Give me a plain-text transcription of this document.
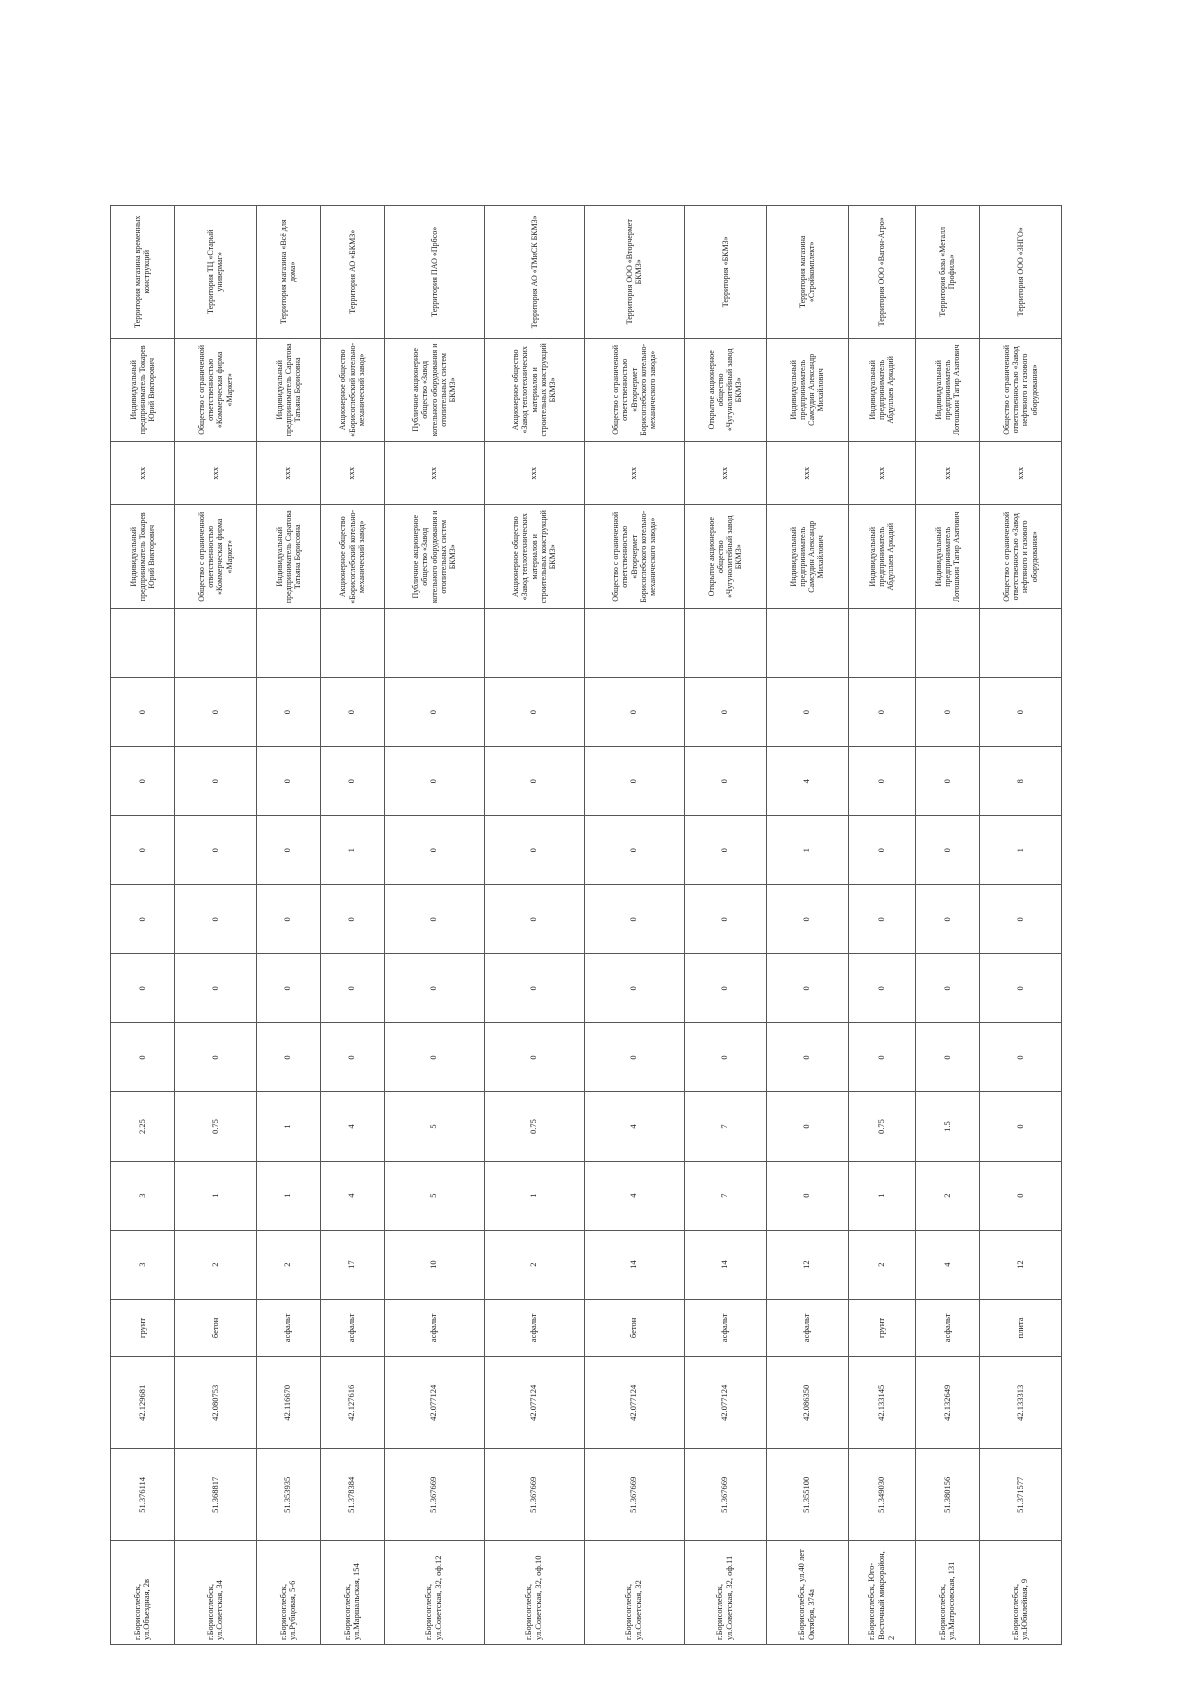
г.Борисоглебск, ул.Объездная, 2в	51.376114	42.129681	грунт	3	3	2.25	0	0	0	0	0	0		Индивидуальный предприниматель Токарев Юрий Викторович	xxx	Индивидуальный предприниматель Токарев Юрий Викторович	Территория магазина временных конструкций
г.Борисоглебск, ул.Советская, 34	51.368817	42.080753	бетон	2	1	0.75	0	0	0	0	0	0		Общество с ограниченной ответственностью «Коммерческая фирма «Маркет»	xxx	Общество с ограниченной ответственностью «Коммерческая фирма «Маркет»	Территория ТЦ «Старый универмаг»
г.Борисоглебск, ул.Рубцовая, 5-6	51.353935	42.116670	асфальт	2	1	1	0	0	0	0	0	0		Индивидуальный предприниматель Саратова Татьяна Борисовна	xxx	Индивидуальный предприниматель Саратова Татьяна Борисовна	Территория магазина «Всё для дома»
г.Борисоглебск, ул.Маршальская, 154	51.378384	42.127616	асфальт	17	4	4	0	0	0	1	0	0		Акционерное общество «Борисоглебский котельно-механический завод»	xxx	Акционерное общество «Борисоглебский котельно-механический завод»	Территория АО «БКМЗ»
г.Борисоглебск, ул.Советская, 32, оф.12	51.367669	42.077124	асфальт	10	5	5	0	0	0	0	0	0		Публичное акционерное общество «Завод котельного оборудования и отопительных систем БКМЗ»	xxx	Публичное акционерное общество «Завод котельного оборудования и отопительных систем БКМЗ»	Территория ПАО «Прбсо»
г.Борисоглебск, ул.Советская, 32, оф.10	51.367669	42.077124	асфальт	2	1	0.75	0	0	0	0	0	0		Акционерное общество «Завод теплотехнических материалов и строительных конструкций БКМЗ»	xxx	Акционерное общество «Завод теплотехнических материалов и строительных конструкций БКМЗ»	Территория АО «ТМиСК БКМЗ»
г.Борисоглебск, ул.Советская, 32	51.367669	42.077124	бетон	14	4	4	0	0	0	0	0	0		Общество с ограниченной ответственностью «Вторчермет Борисоглебского котельно-механического завода»	xxx	Общество с ограниченной ответственностью «Вторчермет Борисоглебского котельно-механического завода»	Территория ООО «Вторчермет БКМЗ»
г.Борисоглебск, ул.Советская, 32, оф.11	51.367669	42.077124	асфальт	14	7	7	0	0	0	0	0	0		Открытое акционерное общество «Чугунолитейный завод БКМЗ»	xxx	Открытое акционерное общество «Чугунолитейный завод БКМЗ»	Территория «БКМЗ»
г.Борисоглебск, ул.40 лет Октября, 374а	51.355100	42.086350	асфальт	12	0	0	0	0	0	1	4	0		Индивидуальный предприниматель Самсудин Александр Михайлович	xxx	Индивидуальный предприниматель Самсудин Александр Михайлович	Территория магазина «Стройкомплект»
г.Борисоглебск, Юго-Восточный микрорайон, 2	51.349030	42.133145	грунт	2	1	0.75	0	0	0	0	0	0		Индивидуальный предприниматель Абдуллаев Аркадий	xxx	Индивидуальный предприниматель Абдуллаев Аркадий	Территория ООО «Вагон-Агро»
г.Борисоглебск, ул.Матросовская, 131	51.380156	42.132649	асфальт	4	2	1.5	0	0	0	0	0	0		Индивидуальный предприниматель Лотошкин Тагир Азатович	xxx	Индивидуальный предприниматель Лотошкин Тагир Азатович	Территория базы «Металл Профиль»
г.Борисоглебск, ул.Юбилейная, 9	51.371577	42.133313	плита	12	0	0	0	0	0	1	8	0		Общество с ограниченной ответственностью «Завод нефтяного и газового оборудования»	xxx	Общество с ограниченной ответственностью «Завод нефтяного и газового оборудования»	Территория ООО «ЗНГО»
